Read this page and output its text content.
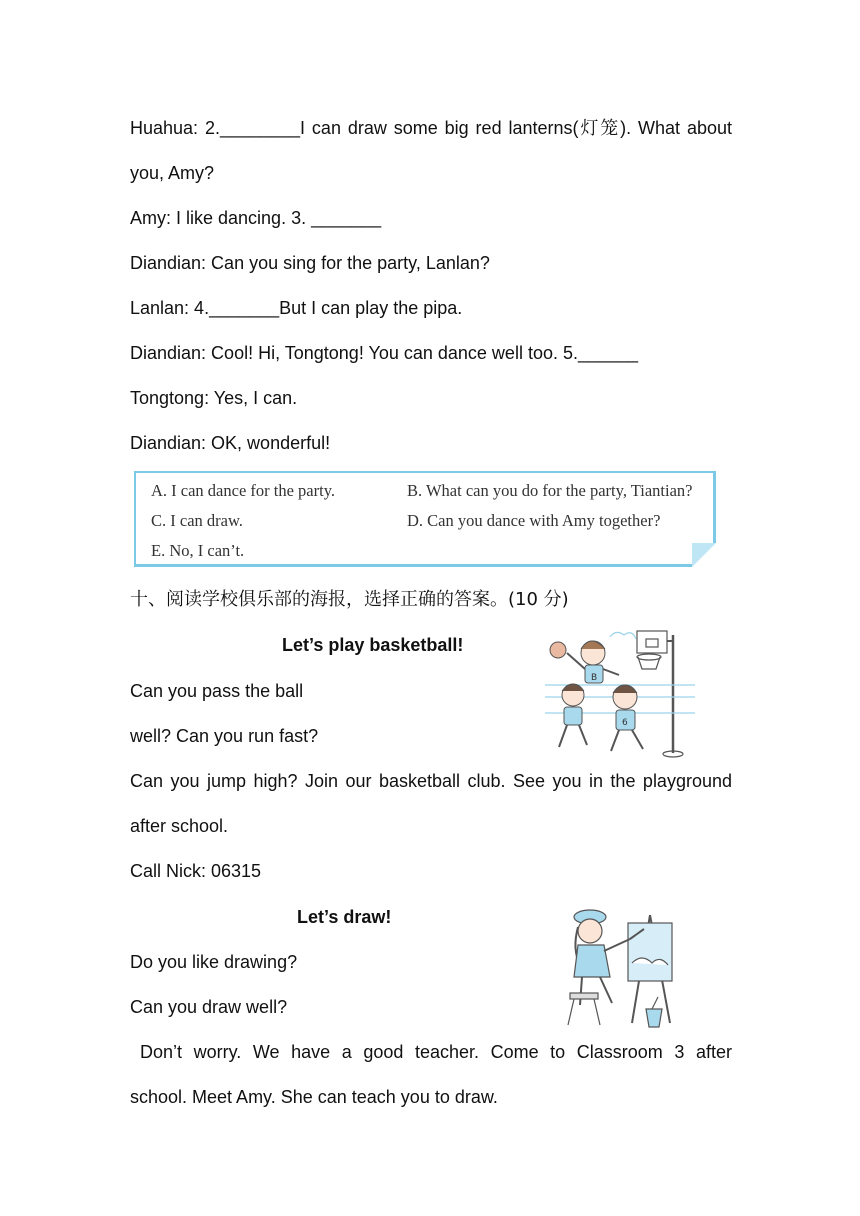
Huahua: 2.________I can draw some big red lanterns(灯笼). What about
you, Amy?
Amy: I like dancing. 3. _______
Diandian: Can you sing for the party, Lanlan?
Lanlan: 4._______But I can play the pipa.
Diandian: Cool! Hi, Tongtong! You can dance well too. 5.______
Tongtong: Yes, I can.
Diandian: OK, wonderful!
A. I can dance for the party.	B. What can you do for the party, Tiantian?
C. I can draw.	D. Can you dance with Amy together?
E. No, I can’t.
十、阅读学校俱乐部的海报，选择正确的答案。(10 分)
Let’s play basketball!
Can you pass the ball
well? Can you run fast?
Can you jump high? Join our basketball club. See you in the playground
after school.
Call Nick: 06315
B
6
Let’s draw!
Do you like drawing?
Can you draw well?
Don’t worry. We have a good teacher. Come to Classroom 3 after
school. Meet Amy. She can teach you to draw.
